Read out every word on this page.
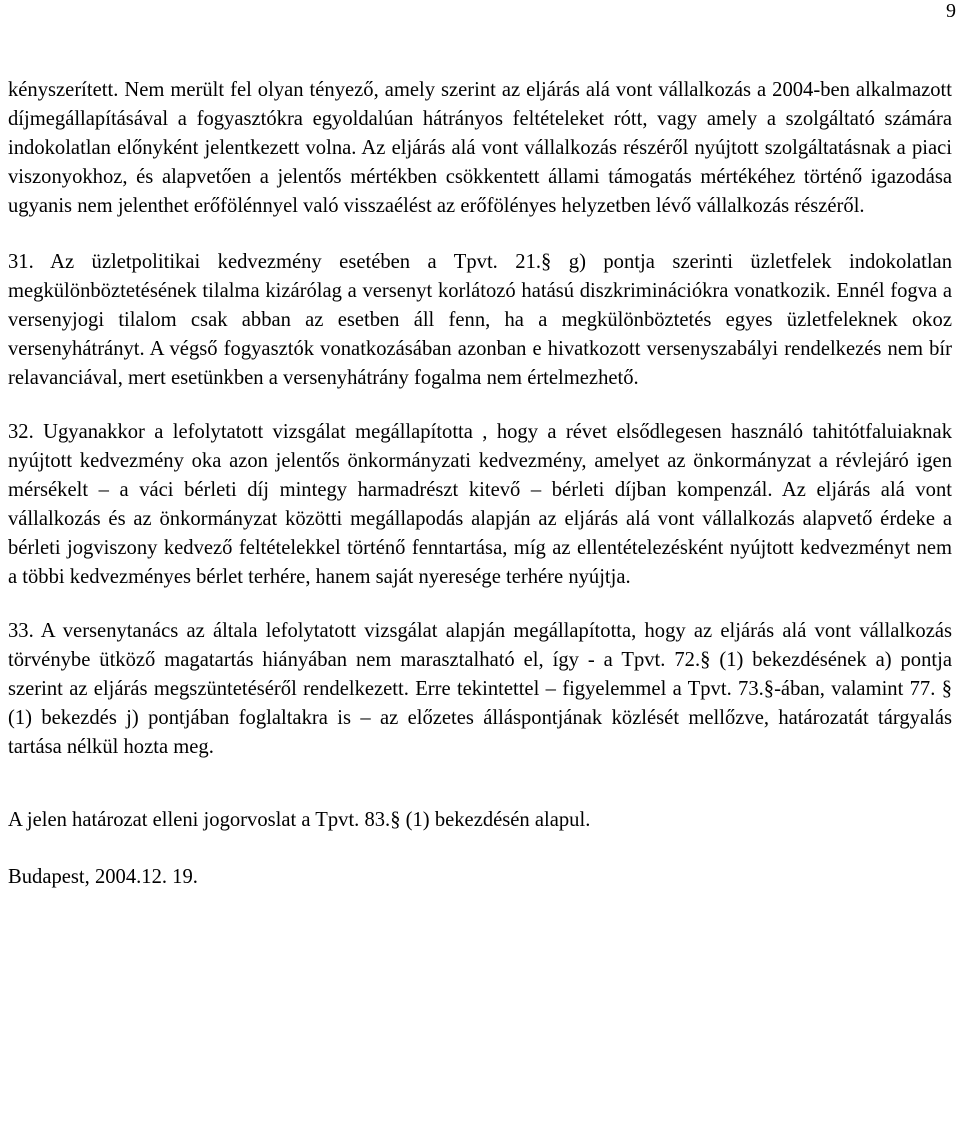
9

kényszerített. Nem merült fel olyan tényező, amely szerint az eljárás alá vont vállalkozás a 2004-ben alkalmazott díjmegállapításával a fogyasztókra egyoldalúan hátrányos feltételeket rótt, vagy amely a szolgáltató számára indokolatlan előnyként jelentkezett volna. Az eljárás alá vont vállalkozás részéről nyújtott szolgáltatásnak a piaci viszonyokhoz, és alapvetően a jelentős mértékben csökkentett állami támogatás mértékéhez történő igazodása ugyanis nem jelenthet erőfölénnyel való visszaélést az erőfölényes helyzetben lévő vállalkozás részéről.

31. Az üzletpolitikai kedvezmény esetében a Tpvt. 21.§ g) pontja szerinti üzletfelek indokolatlan megkülönböztetésének tilalma kizárólag a versenyt korlátozó hatású diszkriminációkra vonatkozik. Ennél fogva a versenyjogi tilalom csak abban az esetben áll fenn, ha a megkülönböztetés egyes üzletfeleknek okoz versenyhátrányt. A végső fogyasztók vonatkozásában azonban e hivatkozott versenyszabályi rendelkezés nem bír relavanciával, mert esetünkben a versenyhátrány fogalma nem értelmezhető.

32. Ugyanakkor a lefolytatott vizsgálat megállapította , hogy a révet elsődlegesen használó tahitótfaluiaknak nyújtott kedvezmény oka azon jelentős önkormányzati kedvezmény, amelyet az önkormányzat a révlejáró igen mérsékelt – a váci bérleti díj mintegy harmadrészt kitevő – bérleti díjban kompenzál. Az eljárás alá vont vállalkozás és az önkormányzat közötti megállapodás alapján az eljárás alá vont vállalkozás alapvető érdeke a bérleti jogviszony kedvező feltételekkel történő fenntartása, míg az ellentételezésként nyújtott kedvezményt nem a többi kedvezményes bérlet terhére, hanem saját nyeresége terhére nyújtja.

33. A versenytanács az általa lefolytatott vizsgálat alapján megállapította, hogy az eljárás alá vont vállalkozás törvénybe ütköző magatartás hiányában nem marasztalható el, így - a Tpvt. 72.§ (1) bekezdésének a) pontja szerint az eljárás megszüntetéséről rendelkezett. Erre tekintettel – figyelemmel a Tpvt. 73.§-ában, valamint 77. § (1) bekezdés j) pontjában foglaltakra is – az előzetes álláspontjának közlését mellőzve, határozatát tárgyalás tartása nélkül hozta meg.

A jelen határozat elleni jogorvoslat a Tpvt. 83.§ (1) bekezdésén alapul.

Budapest, 2004.12. 19.
